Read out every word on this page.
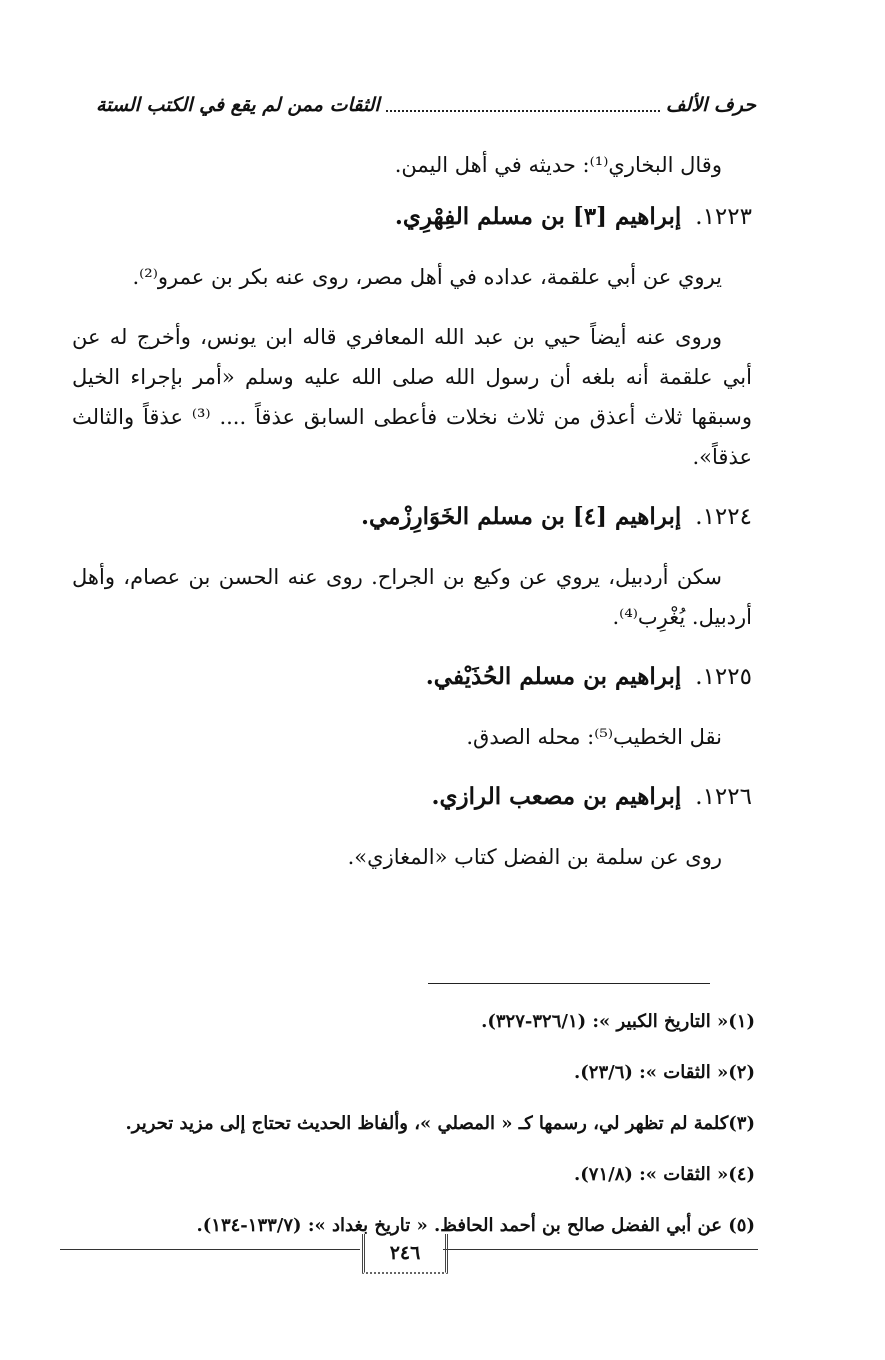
حرف الألف
الثقات ممن لم يقع في الكتب الستة

وقال البخاري⁽¹⁾: حديثه في أهل اليمن.

١٢٢٣.إبراهيم [٣] بن مسلم الفِهْرِي.

يروي عن أبي علقمة، عداده في أهل مصر، روى عنه بكر بن عمرو⁽²⁾.

وروى عنه أيضاً حيي بن عبد الله المعافري قاله ابن يونس، وأخرج له عن أبي علقمة أنه بلغه أن رسول الله صلى الله عليه وسلم «أمر بإجراء الخيل وسبقها ثلاث أعذق من ثلاث نخلات فأعطى السابق عذقاً .... ⁽³⁾ عذقاً والثالث عذقاً».

١٢٢٤.إبراهيم [٤] بن مسلم الخَوَارِزْمي.

سكن أردبيل، يروي عن وكيع بن الجراح. روى عنه الحسن بن عصام، وأهل أردبيل. يُغْرِب⁽⁴⁾.

١٢٢٥.إبراهيم بن مسلم الحُذَيْفي.

نقل الخطيب⁽⁵⁾: محله الصدق.

١٢٢٦.إبراهيم بن مصعب الرازي.

روى عن سلمة بن الفضل كتاب «المغازي».

(١)« التاريخ الكبير »: (٣٢٦/١-٣٢٧).

(٢)« الثقات »: (٢٣/٦).

(٣)كلمة لم تظهر لي، رسمها كـ « المصلي »، وألفاظ الحديث تحتاج إلى مزيد تحرير.

(٤)« الثقات »: (٧١/٨).

(٥) عن أبي الفضل صالح بن أحمد الحافظ. « تاريخ بغداد »: (١٣٣/٧-١٣٤).

٢٤٦
